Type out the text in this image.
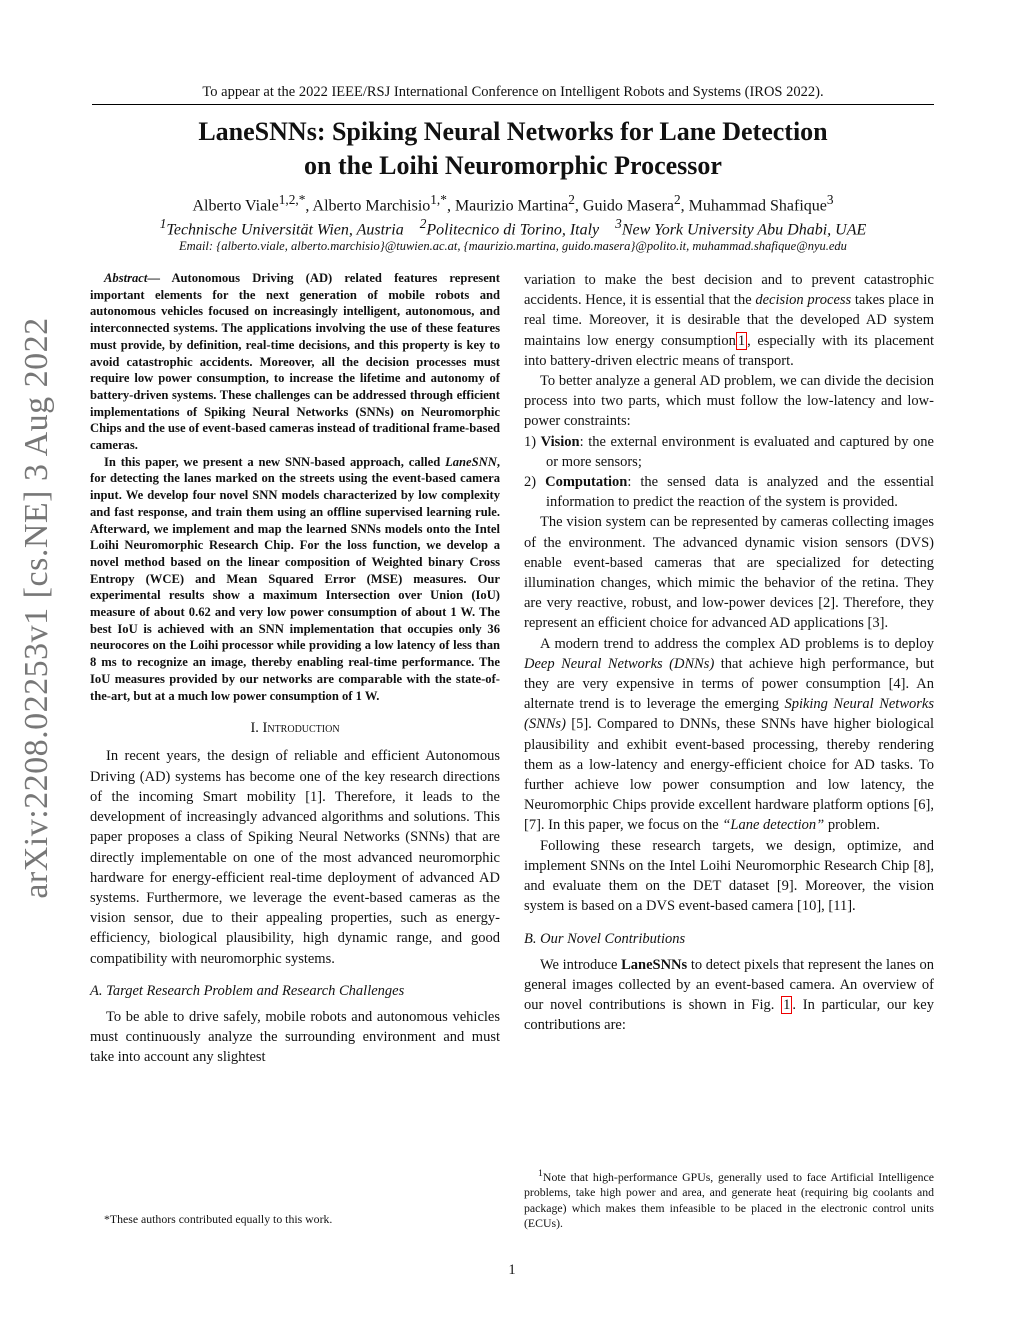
To appear at the 2022 IEEE/RSJ International Conference on Intelligent Robots and Systems (IROS 2022).
LaneSNNs: Spiking Neural Networks for Lane Detection
on the Loihi Neuromorphic Processor
Alberto Viale$^{1,2,*}$, Alberto Marchisio$^{1,*}$, Maurizio Martina$^2$, Guido Masera$^2$, Muhammad Shafique$^3$
$^1$Technische Universität Wien, Austria    $^2$Politecnico di Torino, Italy    $^3$New York University Abu Dhabi, UAE
Email: {alberto.viale, alberto.marchisio}@tuwien.ac.at, {maurizio.martina, guido.masera}@polito.it, muhammad.shafique@nyu.edu
arXiv:2208.02253v1 [cs.NE] 3 Aug 2022

Abstract— Autonomous Driving (AD) related features represent important elements for the next generation of mobile robots and autonomous vehicles focused on increasingly intelligent, autonomous, and interconnected systems. The applications involving the use of these features must provide, by definition, real-time decisions, and this property is key to avoid catastrophic accidents. Moreover, all the decision processes must require low power consumption, to increase the lifetime and autonomy of battery-driven systems. These challenges can be addressed through efficient implementations of Spiking Neural Networks (SNNs) on Neuromorphic Chips and the use of event-based cameras instead of traditional frame-based cameras.

In this paper, we present a new SNN-based approach, called LaneSNN, for detecting the lanes marked on the streets using the event-based camera input. We develop four novel SNN models characterized by low complexity and fast response, and train them using an offline supervised learning rule. Afterward, we implement and map the learned SNNs models onto the Intel Loihi Neuromorphic Research Chip. For the loss function, we develop a novel method based on the linear composition of Weighted binary Cross Entropy (WCE) and Mean Squared Error (MSE) measures. Our experimental results show a maximum Intersection over Union (IoU) measure of about 0.62 and very low power consumption of about 1 W. The best IoU is achieved with an SNN implementation that occupies only 36 neurocores on the Loihi processor while providing a low latency of less than 8 ms to recognize an image, thereby enabling real-time performance. The IoU measures provided by our networks are comparable with the state-of-the-art, but at a much low power consumption of 1 W.

I. Introduction

In recent years, the design of reliable and efficient Autonomous Driving (AD) systems has become one of the key research directions of the incoming Smart mobility [1]. Therefore, it leads to the development of increasingly advanced algorithms and solutions. This paper proposes a class of Spiking Neural Networks (SNNs) that are directly implementable on one of the most advanced neuromorphic hardware for energy-efficient real-time deployment of advanced AD systems. Furthermore, we leverage the event-based cameras as the vision sensor, due to their appealing properties, such as energy-efficiency, biological plausibility, high dynamic range, and good compatibility with neuromorphic systems.

A. Target Research Problem and Research Challenges

To be able to drive safely, mobile robots and autonomous vehicles must continuously analyze the surrounding environment and must take into account any slightest

variation to make the best decision and to prevent catastrophic accidents. Hence, it is essential that the decision process takes place in real time. Moreover, it is desirable that the developed AD system maintains low energy consumption 1 , especially with its placement into battery-driven electric means of transport.

To better analyze a general AD problem, we can divide the decision process into two parts, which must follow the low-latency and low-power constraints:

1) Vision: the external environment is evaluated and captured by one or more sensors;
2) Computation: the sensed data is analyzed and the essential information to predict the reaction of the system is provided.

The vision system can be represented by cameras collecting images of the environment. The advanced dynamic vision sensors (DVS) enable event-based cameras that are specialized for detecting illumination changes, which mimic the behavior of the retina. They are very reactive, robust, and low-power devices [2]. Therefore, they represent an efficient choice for advanced AD applications [3].

A modern trend to address the complex AD problems is to deploy Deep Neural Networks (DNNs) that achieve high performance, but they are very expensive in terms of power consumption [4]. An alternate trend is to leverage the emerging Spiking Neural Networks (SNNs) [5]. Compared to DNNs, these SNNs have higher biological plausibility and exhibit event-based processing, thereby rendering them as a low-latency and energy-efficient choice for AD tasks. To further achieve low power consumption and low latency, the Neuromorphic Chips provide excellent hardware platform options [6], [7]. In this paper, we focus on the “Lane detection” problem.

Following these research targets, we design, optimize, and implement SNNs on the Intel Loihi Neuromorphic Research Chip [8], and evaluate them on the DET dataset [9]. Moreover, the vision system is based on a DVS event-based camera [10], [11].

B. Our Novel Contributions

We introduce LaneSNNs to detect pixels that represent the lanes on general images collected by an event-based camera. An overview of our novel contributions is shown in Fig. 1 . In particular, our key contributions are:

*These authors contributed equally to this work.
$^1$Note that high-performance GPUs, generally used to face Artificial Intelligence problems, take high power and area, and generate heat (requiring big coolants and package) which makes them infeasible to be placed in the electronic control units (ECUs).
1
